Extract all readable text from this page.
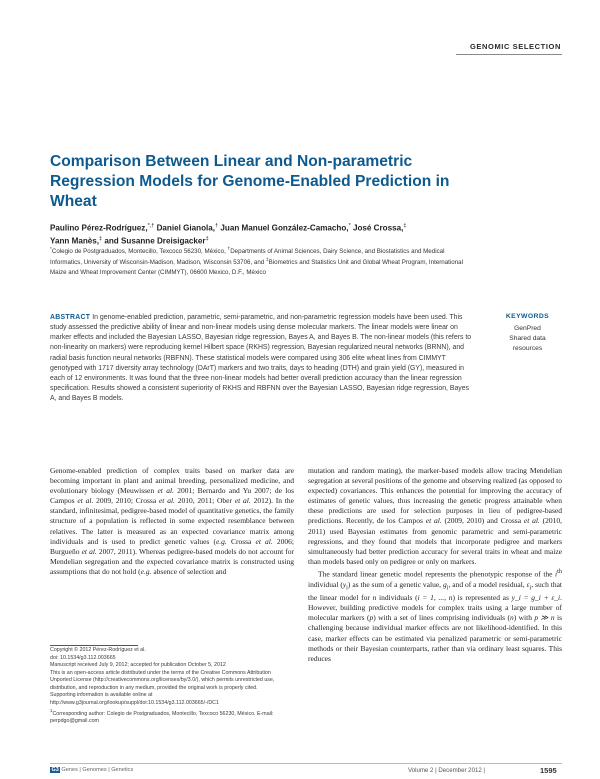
GENOMIC SELECTION
Comparison Between Linear and Non-parametric Regression Models for Genome-Enabled Prediction in Wheat
Paulino Pérez-Rodríguez,*,† Daniel Gianola,† Juan Manuel González-Camacho,* José Crossa,‡
Yann Manès,‡ and Susanne Dreisigacker‡
*Colegio de Postgraduados, Montecillo, Texcoco 56230, México, †Departments of Animal Sciences, Dairy Science, and Biostatistics and Medical Informatics, University of Wisconsin-Madison, Madison, Wisconsin 53706, and ‡Biometrics and Statistics Unit and Global Wheat Program, International Maize and Wheat Improvement Center (CIMMYT), 06600 Mexico, D.F., México
ABSTRACT In genome-enabled prediction, parametric, semi-parametric, and non-parametric regression models have been used. This study assessed the predictive ability of linear and non-linear models using dense molecular markers. The linear models were linear on marker effects and included the Bayesian LASSO, Bayesian ridge regression, Bayes A, and Bayes B. The non-linear models (this refers to non-linearity on markers) were reproducing kernel Hilbert space (RKHS) regression, Bayesian regularized neural networks (BRNN), and radial basis function neural networks (RBFNN). These statistical models were compared using 306 elite wheat lines from CIMMYT genotyped with 1717 diversity array technology (DArT) markers and two traits, days to heading (DTH) and grain yield (GY), measured in each of 12 environments. It was found that the three non-linear models had better overall prediction accuracy than the linear regression specification. Results showed a consistent superiority of RKHS and RBFNN over the Bayesian LASSO, Bayesian ridge regression, Bayes A, and Bayes B models.
KEYWORDS
GenPred
Shared data
resources

Genome-enabled prediction of complex traits based on marker data are becoming important in plant and animal breeding, personalized medicine, and evolutionary biology (Meuwissen et al. 2001; Bernardo and Yu 2007; de los Campos et al. 2009, 2010; Crossa et al. 2010, 2011; Ober et al. 2012). In the standard, infinitesimal, pedigree-based model of quantitative genetics, the family structure of a population is reflected in some expected resemblance between relatives. The latter is measured as an expected covariance matrix among individuals and is used to predict genetic values (e.g. Crossa et al. 2006; Burgueño et al. 2007, 2011). Whereas pedigree-based models do not account for Mendelian segregation and the expected covariance matrix is constructed using assumptions that do not hold (e.g. absence of selection and

mutation and random mating), the marker-based models allow tracing Mendelian segregation at several positions of the genome and observing realized (as opposed to expected) covariances. This enhances the potential for improving the accuracy of estimates of genetic values, thus increasing the genetic progress attainable when these predictions are used for selection purposes in lieu of pedigree-based predictions. Recently, de los Campos et al. (2009, 2010) and Crossa et al. (2010, 2011) used Bayesian estimates from genomic parametric and semi-parametric regressions, and they found that models that incorporate pedigree and markers simultaneously had better prediction accuracy for several traits in wheat and maize than models based only on pedigree or only on markers.

The standard linear genetic model represents the phenotypic response of the $i^{th}$ individual $(y_i)$ as the sum of a genetic value, $g_i$, and of a model residual, $\varepsilon_i$, such that the linear model for n individuals (i = 1, ..., n) is represented as y_i = g_i + ε_i. However, building predictive models for complex traits using a large number of molecular markers (p) with a set of lines comprising individuals (n) with p ≫ n is challenging because individual marker effects are not likelihood-identified. In this case, marker effects can be estimated via penalized parametric or semi-parametric methods or their Bayesian counterparts, rather than via ordinary least squares. This reduces

Copyright © 2012 Pérez-Rodríguez et al.

doi: 10.1534/g3.112.003665

Manuscript received July 9, 2012; accepted for publication October 5, 2012

This is an open-access article distributed under the terms of the Creative Commons Attribution Unported License (http://creativecommons.org/licenses/by/3.0/), which permits unrestricted use, distribution, and reproduction in any medium, provided the original work is properly cited.

Supporting information is available online at http://www.g3journal.org/lookup/suppl/doi:10.1534/g3.112.003665/-/DC1

$^1$Corresponding author: Colegio de Postgraduados, Montecillo, Texcoco 56230, México. E-mail: perpdgo@gmail.com

G3 Genes | Genomes | Genetics	Volume 2 | December 2012 |	1595
